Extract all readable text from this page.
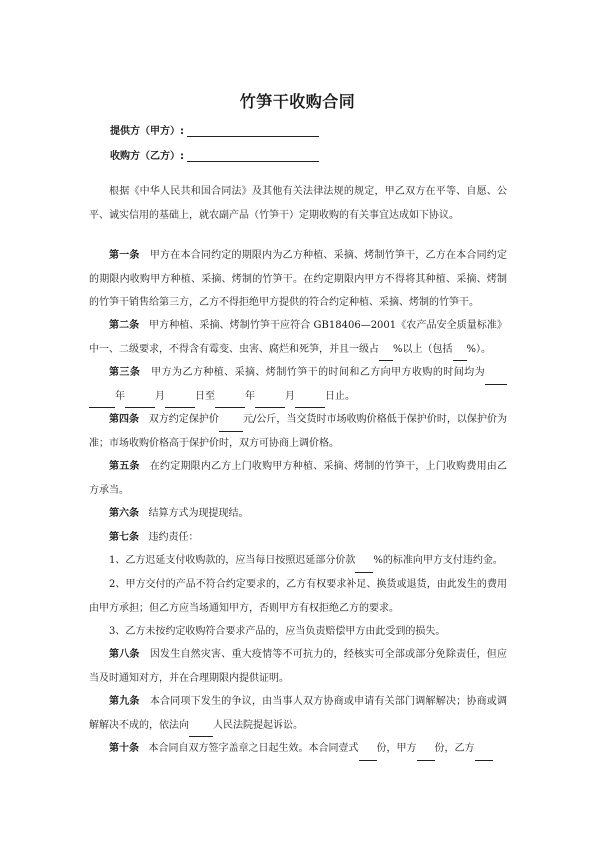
竹笋干收购合同
提供方（甲方）:
收购方（乙方）:
根据《中华人民共和国合同法》及其他有关法律法规的规定，甲乙双方在平等、自愿、公平、诚实信用的基础上，就农副产品（竹笋干）定期收购的有关事宜达成如下协议。
第一条 甲方在本合同约定的期限内为乙方种植、采摘、烤制竹笋干，乙方在本合同约定的期限内收购甲方种植、采摘、烤制的竹笋干。在约定期限内甲方不得将其种植、采摘、烤制的竹笋干销售给第三方，乙方不得拒绝甲方提供的符合约定种植、采摘、烤制的竹笋干。
第二条 甲方种植、采摘、烤制竹笋干应符合 GB18406—2001《农产品安全质量标准》中一、二级要求，不得含有霉变、虫害、腐烂和死笋，并且一级占 %以上（包括 %）。
第三条 甲方为乙方种植、采摘、烤制竹笋干的时间和乙方向甲方收购的时间均为年	月	日至	年	月	日止。
第四条 双方约定保护价 元/公斤，当交货时市场收购价格低于保护价时，以保护价为准；市场收购价格高于保护价时，双方可协商上调价格。
第五条 在约定期限内乙方上门收购甲方种植、采摘、烤制的竹笋干，上门收购费用由乙方承当。
第六条 结算方式为现提现结。
第七条 违约责任：
1、乙方迟延支付收购款的，应当每日按照迟延部分价款 %的标准向甲方支付违约金。
2、甲方交付的产品不符合约定要求的，乙方有权要求补足、换货或退货，由此发生的费用由甲方承担；但乙方应当场通知甲方，否则甲方有权拒绝乙方的要求。
3、乙方未按约定收购符合要求产品的，应当负责赔偿甲方由此受到的损失。
第八条 因发生自然灾害、重大疫情等不可抗力的，经核实可全部或部分免除责任，但应当及时通知对方，并在合理期限内提供证明。
第九条 本合同项下发生的争议，由当事人双方协商或申请有关部门调解解决；协商或调解解决不成的，依法向 人民法院提起诉讼。
第十条 本合同自双方签字盖章之日起生效。本合同壹式 份，甲方 份，乙方
